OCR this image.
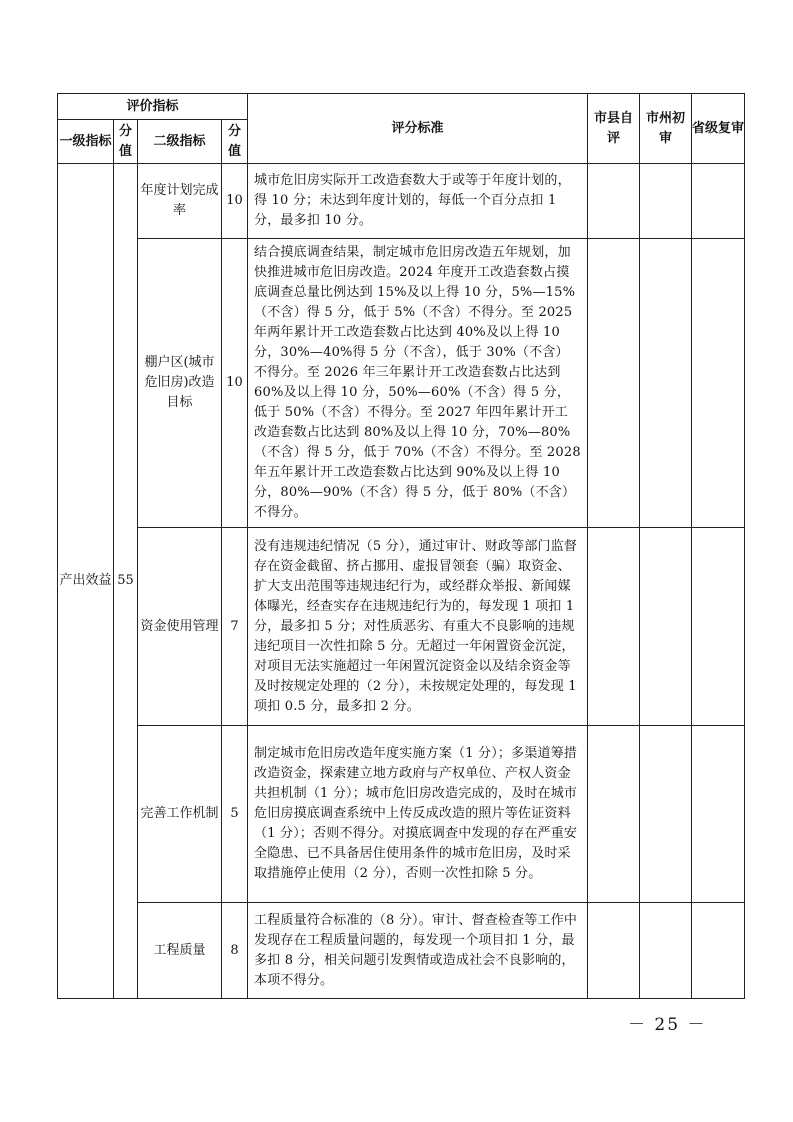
评价指标				评分标准	市县自评	市州初审	省级复审
一级指标	分值	二级指标	分值				
产出效益	55	年度计划完成率	10	城市危旧房实际开工改造套数大于或等于年度计划的，得 10 分；未达到年度计划的，每低一个百分点扣 1 分，最多扣 10 分。			
		棚户区(城市危旧房)改造目标	10	结合摸底调查结果，制定城市危旧房改造五年规划，加快推进城市危旧房改造。2024 年度开工改造套数占摸底调查总量比例达到 15%及以上得 10 分，5%—15%（不含）得 5 分，低于 5%（不含）不得分。至 2025 年两年累计开工改造套数占比达到 40%及以上得 10 分，30%—40%得 5 分（不含），低于 30%（不含）不得分。至 2026 年三年累计开工改造套数占比达到 60%及以上得 10 分，50%—60%（不含）得 5 分，低于 50%（不含）不得分。至 2027 年四年累计开工改造套数占比达到 80%及以上得 10 分，70%—80%（不含）得 5 分，低于 70%（不含）不得分。至 2028 年五年累计开工改造套数占比达到 90%及以上得 10 分，80%—90%（不含）得 5 分，低于 80%（不含）不得分。			
		资金使用管理	7	没有违规违纪情况（5 分），通过审计、财政等部门监督存在资金截留、挤占挪用、虚报冒领套（骗）取资金、扩大支出范围等违规违纪行为，或经群众举报、新闻媒体曝光，经查实存在违规违纪行为的，每发现 1 项扣 1 分，最多扣 5 分；对性质恶劣、有重大不良影响的违规违纪项目一次性扣除 5 分。无超过一年闲置资金沉淀，对项目无法实施超过一年闲置沉淀资金以及结余资金等及时按规定处理的（2 分），未按规定处理的，每发现 1 项扣 0.5 分，最多扣 2 分。			
		完善工作机制	5	制定城市危旧房改造年度实施方案（1 分）；多渠道筹措改造资金，探索建立地方政府与产权单位、产权人资金共担机制（1 分）；城市危旧房改造完成的，及时在城市危旧房摸底调查系统中上传反成改造的照片等佐证资料（1 分）；否则不得分。对摸底调查中发现的存在严重安全隐患、已不具备居住使用条件的城市危旧房，及时采取措施停止使用（2 分），否则一次性扣除 5 分。			
		工程质量	8	工程质量符合标准的（8 分）。审计、督查检查等工作中发现存在工程质量问题的，每发现一个项目扣 1 分，最多扣 8 分，相关问题引发舆情或造成社会不良影响的，本项不得分。			
－ 25 －
